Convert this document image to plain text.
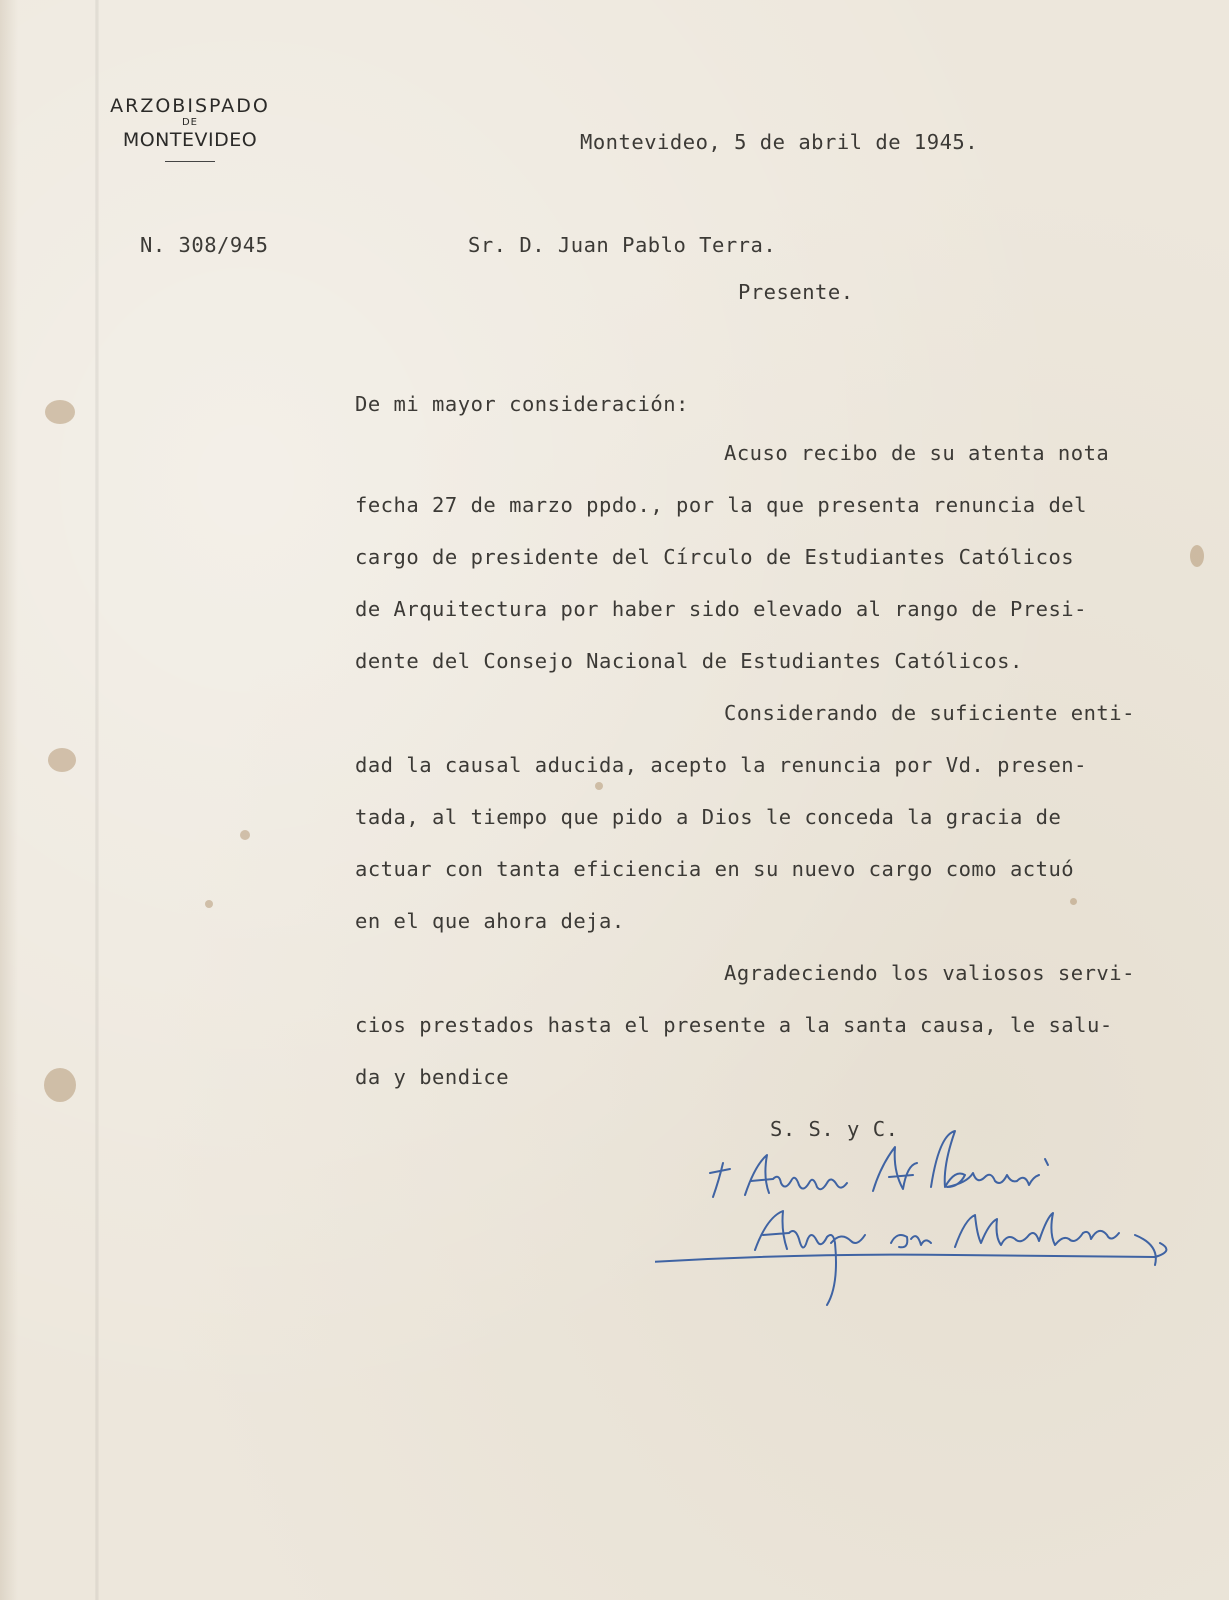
ARZOBISPADO
DE
MONTEVIDEO	Montevideo, 5 de abril de 1945.
N. 308/945	Sr. D. Juan Pablo Terra.
Presente.
De mi mayor consideración:
Acuso recibo de su atenta nota
fecha 27 de marzo ppdo., por la que presenta renuncia del
cargo de presidente del Círculo de Estudiantes Católicos
de Arquitectura por haber sido elevado al rango de Presi-
dente del Consejo Nacional de Estudiantes Católicos.
Considerando de suficiente enti-
dad la causal aducida, acepto la renuncia por Vd. presen-
tada, al tiempo que pido a Dios le conceda la gracia de
actuar con tanta eficiencia en su nuevo cargo como actuó
en el que ahora deja.
Agradeciendo los valiosos servi-
cios prestados hasta el presente a la santa causa, le salu-
da y bendice
S. S. y C.
